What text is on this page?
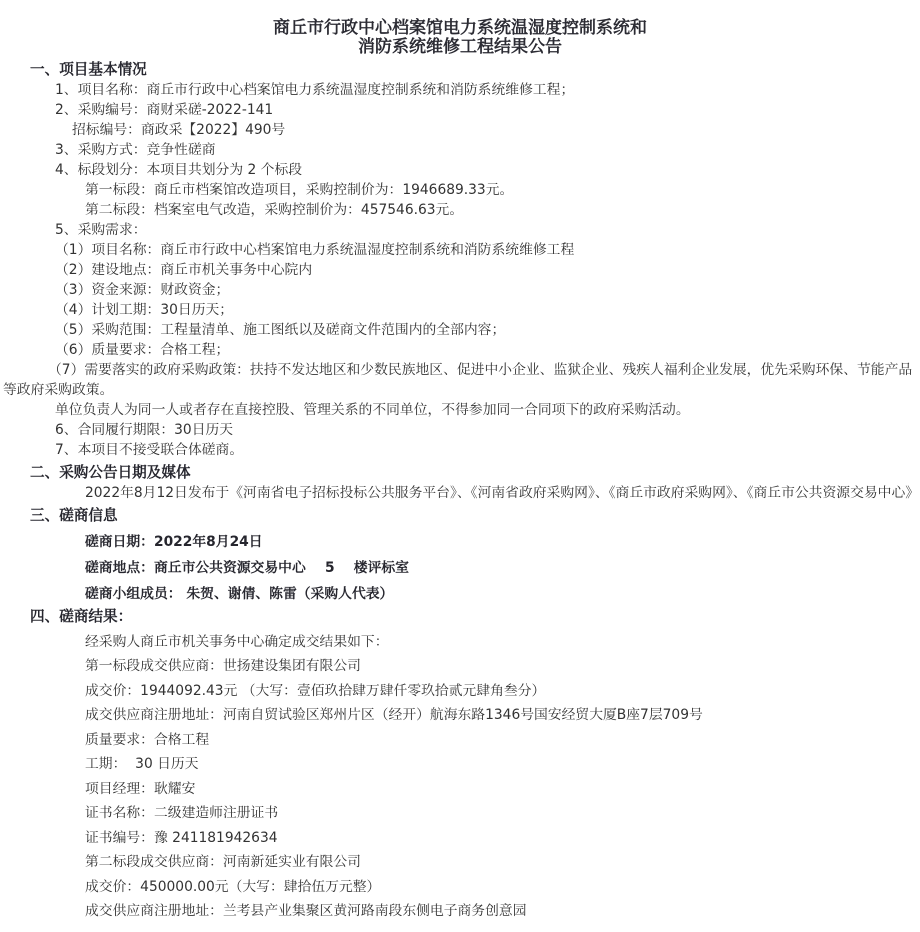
商丘市行政中心档案馆电力系统温湿度控制系统和
消防系统维修工程结果公告
一、项目基本情况
1、项目名称：商丘市行政中心档案馆电力系统温湿度控制系统和消防系统维修工程；
2、采购编号：商财采磋-2022-141
招标编号：商政采【2022】490号
3、采购方式：竞争性磋商
4、标段划分：本项目共划分为 2 个标段
第一标段：商丘市档案馆改造项目，采购控制价为：1946689.33元。
第二标段：档案室电气改造，采购控制价为：457546.63元。
5、采购需求：
（1）项目名称：商丘市行政中心档案馆电力系统温湿度控制系统和消防系统维修工程
（2）建设地点：商丘市机关事务中心院内
（3）资金来源：财政资金；
（4）计划工期：30日历天；
（5）采购范围：工程量清单、施工图纸以及磋商文件范围内的全部内容；
（6）质量要求：合格工程；
（7）需要落实的政府采购政策：扶持不发达地区和少数民族地区、促进中小企业、监狱企业、残疾人福利企业发展，优先采购环保、节能产品等政府采购政策。
单位负责人为同一人或者存在直接控股、管理关系的不同单位，不得参加同一合同项下的政府采购活动。
6、合同履行期限：30日历天
7、本项目不接受联合体磋商。
二、采购公告日期及媒体
2022年8月12日发布于《河南省电子招标投标公共服务平台》、《河南省政府采购网》、《商丘市政府采购网》、《商丘市公共资源交易中心》
三、磋商信息
磋商日期：2022年8月24日
磋商地点：商丘市公共资源交易中心    5    楼评标室
磋商小组成员： 朱贺、谢倩、陈雷（采购人代表）
四、磋商结果：
经采购人商丘市机关事务中心确定成交结果如下：
第一标段成交供应商：世扬建设集团有限公司
成交价：1944092.43元 （大写：壹佰玖拾肆万肆仟零玖拾贰元肆角叁分）
成交供应商注册地址：河南自贸试验区郑州片区（经开）航海东路1346号国安经贸大厦B座7层709号
质量要求：合格工程
工期：  30 日历天
项目经理：耿耀安
证书名称：二级建造师注册证书
证书编号：豫 241181942634
第二标段成交供应商：河南新延实业有限公司
成交价：450000.00元（大写：肆拾伍万元整）
成交供应商注册地址：兰考县产业集聚区黄河路南段东侧电子商务创意园
